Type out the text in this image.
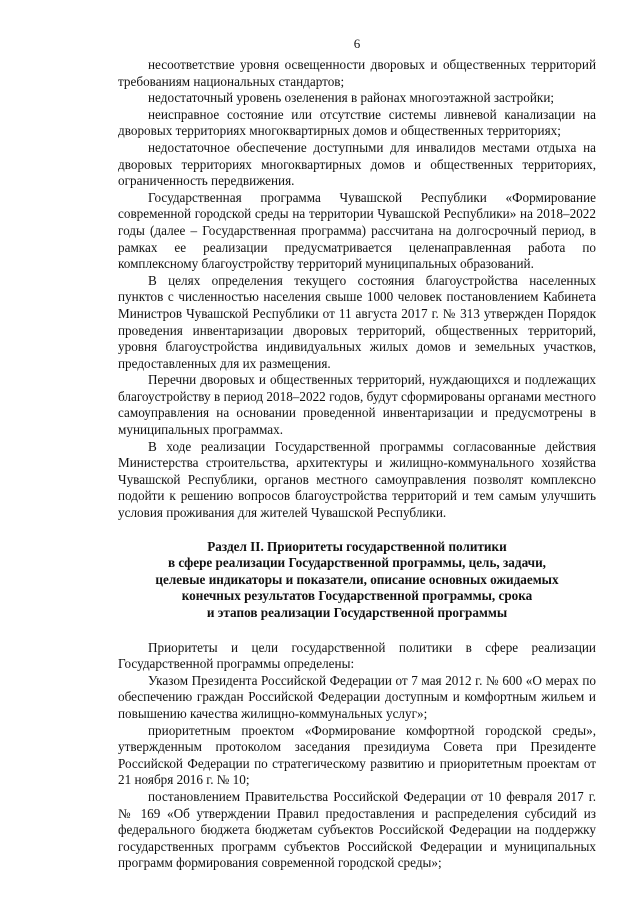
6

несоответствие уровня освещенности дворовых и общественных территорий требованиям национальных стандартов;

недостаточный уровень озеленения в районах многоэтажной застройки;

неисправное состояние или отсутствие системы ливневой канализации на дворовых территориях многоквартирных домов и общественных территориях;

недостаточное обеспечение доступными для инвалидов местами отдыха на дворовых территориях многоквартирных домов и общественных территориях, ограниченность передвижения.

Государственная программа Чувашской Республики «Формирование современной городской среды на территории Чувашской Республики» на 2018–2022 годы (далее – Государственная программа) рассчитана на долгосрочный период, в рамках ее реализации предусматривается целенаправленная работа по комплексному благоустройству территорий муниципальных образований.

В целях определения текущего состояния благоустройства населенных пунктов с численностью населения свыше 1000 человек постановлением Кабинета Министров Чувашской Республики от 11 августа 2017 г. № 313 утвержден Порядок проведения инвентаризации дворовых территорий, общественных территорий, уровня благоустройства индивидуальных жилых домов и земельных участков, предоставленных для их размещения.

Перечни дворовых и общественных территорий, нуждающихся и подлежащих благоустройству в период 2018–2022 годов, будут сформированы органами местного самоуправления на основании проведенной инвентаризации и предусмотрены в муниципальных программах.

В ходе реализации Государственной программы согласованные действия Министерства строительства, архитектуры и жилищно-коммунального хозяйства Чувашской Республики, органов местного самоуправления позволят комплексно подойти к решению вопросов благоустройства территорий и тем самым улучшить условия проживания для жителей Чувашской Республики.

Раздел II. Приоритеты государственной политики
в сфере реализации Государственной программы, цель, задачи,
целевые индикаторы и показатели, описание основных ожидаемых
конечных результатов Государственной программы, срока
и этапов реализации Государственной программы

Приоритеты и цели государственной политики в сфере реализации Государственной программы определены:

Указом Президента Российской Федерации от 7 мая 2012 г. № 600 «О мерах по обеспечению граждан Российской Федерации доступным и комфортным жильем и повышению качества жилищно-коммунальных услуг»;

приоритетным проектом «Формирование комфортной городской среды», утвержденным протоколом заседания президиума Совета при Президенте Российской Федерации по стратегическому развитию и приоритетным проектам от 21 ноября 2016 г. № 10;

постановлением Правительства Российской Федерации от 10 февраля 2017 г. № 169 «Об утверждении Правил предоставления и распределения субсидий из федерального бюджета бюджетам субъектов Российской Федерации на поддержку государственных программ субъектов Российской Федерации и муниципальных программ формирования современной городской среды»;
